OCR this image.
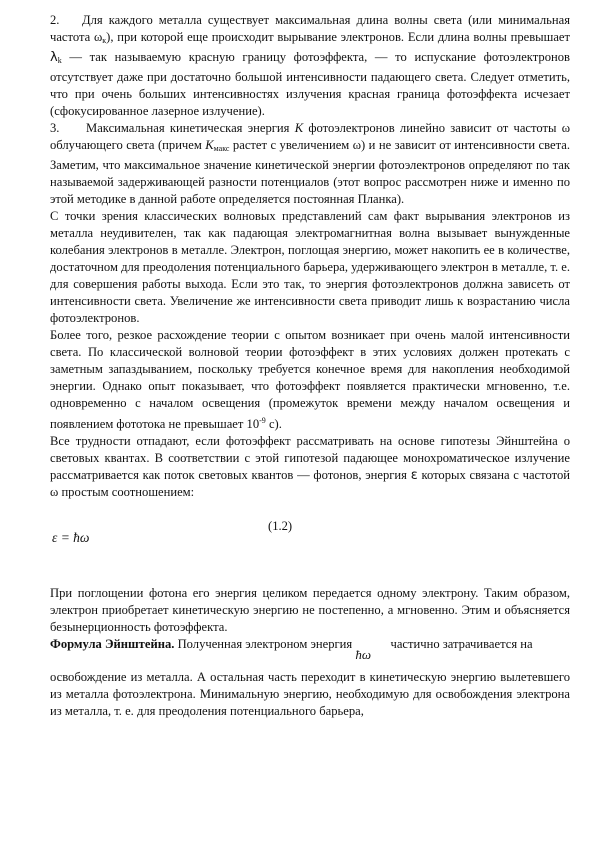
2. Для каждого металла существует максимальная длина волны света (или минимальная частота $\omega_к$), при которой еще происходит вырывание электронов. Если длина волны превышает $\lambda_k$ — так называемую красную границу фотоэффекта, — то испускание фотоэлектронов отсутствует даже при достаточно большой интенсивности падающего света. Следует отметить, что при очень больших интенсивностях излучения красная граница фотоэффекта исчезает (сфокусированное лазерное излучение).

3. Максимальная кинетическая энергия К фотоэлектронов линейно зависит от частоты ω облучающего света (причем $К_{макс}$ растет с увеличением ω) и не зависит от интенсивности света. Заметим, что максимальное значение кинетической энергии фотоэлектронов определяют по так называемой задерживающей разности потенциалов (этот вопрос рассмотрен ниже и именно по этой методике в данной работе определяется постоянная Планка).

С точки зрения классических волновых представлений сам факт вырывания электронов из металла неудивителен, так как падающая электромагнитная волна вызывает вынужденные колебания электронов в металле. Электрон, поглощая энергию, может накопить ее в количестве, достаточном для преодоления потенциального барьера, удерживающего электрон в металле, т. е. для совершения работы выхода. Если это так, то энергия фотоэлектронов должна зависеть от интенсивности света. Увеличение же интенсивности света приводит лишь к возрастанию числа фотоэлектронов.

Более того, резкое расхождение теории с опытом возникает при очень малой интенсивности света. По классической волновой теории фотоэффект в этих условиях должен протекать с заметным запаздыванием, поскольку требуется конечное время для накопления необходимой энергии. Однако опыт показывает, что фотоэффект появляется практически мгновенно, т.е. одновременно с началом освещения (промежуток времени между началом освещения и появлением фототока не превышает $10^{-9}$ с).

Все трудности отпадают, если фотоэффект рассматривать на основе гипотезы Эйнштейна о световых квантах. В соответствии с этой гипотезой падающее монохроматическое излучение рассматривается как поток световых квантов — фотонов, энергия ε которых связана с частотой ω простым соотношением:

ε = ħω
(1.2)

При поглощении фотона его энергия целиком передается одному электрону. Таким образом, электрон приобретает кинетическую энергию не постепенно, а мгновенно. Этим и объясняется безынерционность фотоэффекта.

Формула Эйнштейна. Полученная электроном энергия
ħω
частично затрачивается на

освобождение из металла. А остальная часть переходит в кинетическую энергию вылетевшего из металла фотоэлектрона. Минимальную энергию, необходимую для освобождения электрона из металла, т. е. для преодоления потенциального барьера,
